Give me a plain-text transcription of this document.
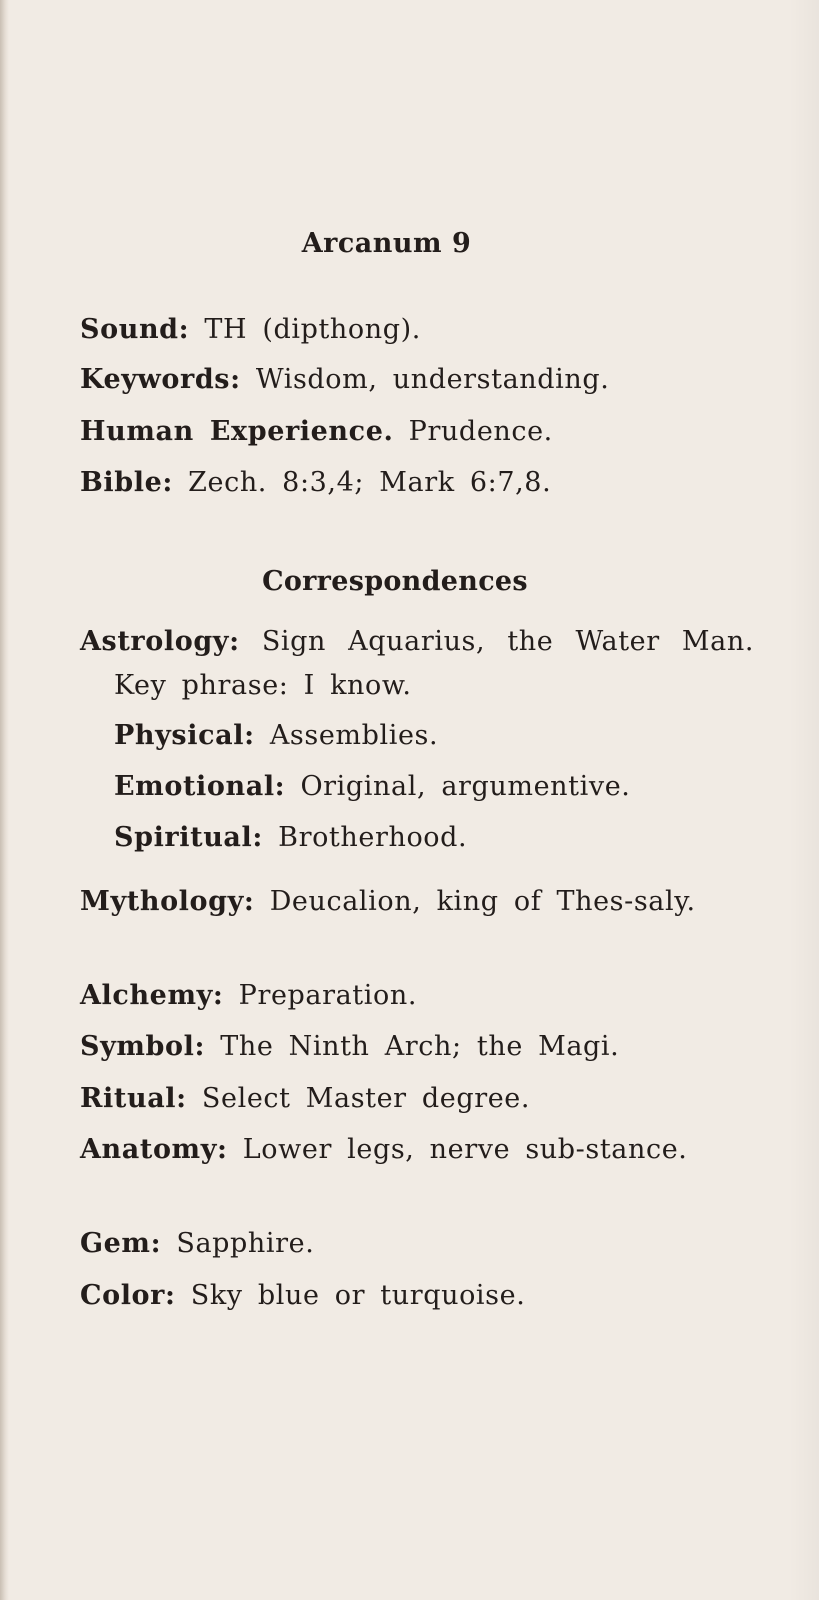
Arcanum 9
Sound: TH (dipthong).
Keywords: Wisdom, understanding.
Human Experience. Prudence.
Bible: Zech. 8:3,4; Mark 6:7,8.
Correspondences
Astrology: Sign Aquarius, the Water Man. Key phrase: I know.
Physical: Assemblies.
Emotional: Original, argumentive.
Spiritual: Brotherhood.
Mythology: Deucalion, king of Thes-saly.
Alchemy: Preparation.
Symbol: The Ninth Arch; the Magi.
Ritual: Select Master degree.
Anatomy: Lower legs, nerve sub-stance.
Gem: Sapphire.
Color: Sky blue or turquoise.
